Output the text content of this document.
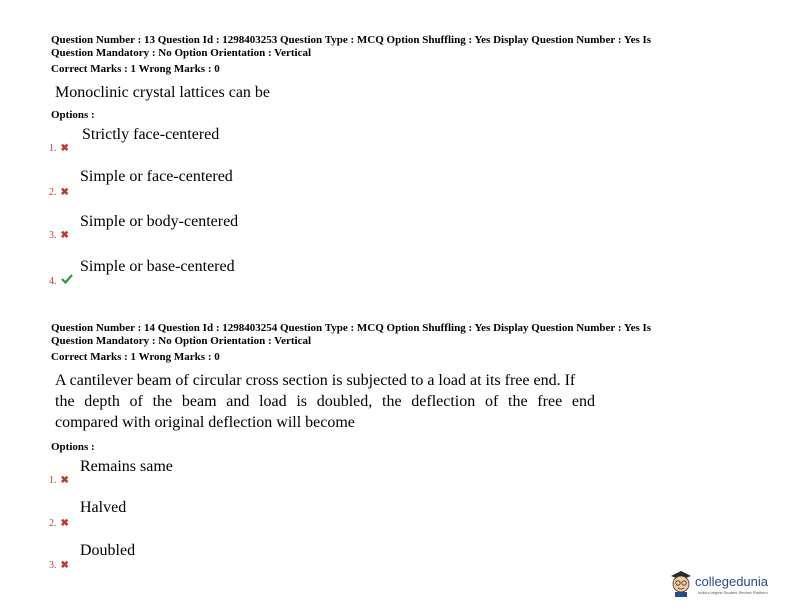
Question Number : 13 Question Id : 1298403253 Question Type : MCQ Option Shuffling : Yes Display Question Number : Yes Is
Question Mandatory : No Option Orientation : Vertical
Correct Marks : 1 Wrong Marks : 0
Monoclinic crystal lattices can be
Options :
1. ✖
Strictly face-centered
2. ✖
Simple or face-centered
3. ✖
Simple or body-centered
4.
Simple or base-centered
Question Number : 14 Question Id : 1298403254 Question Type : MCQ Option Shuffling : Yes Display Question Number : Yes Is
Question Mandatory : No Option Orientation : Vertical
Correct Marks : 1 Wrong Marks : 0
A cantilever beam of circular cross section is subjected to a load at its free end. If
the depth of the beam and load is doubled, the deflection of the free end
compared with original deflection will become
Options :
1. ✖
Remains same
2. ✖
Halved
3. ✖
Doubled
collegedunia
India's largest Student Review Platform
